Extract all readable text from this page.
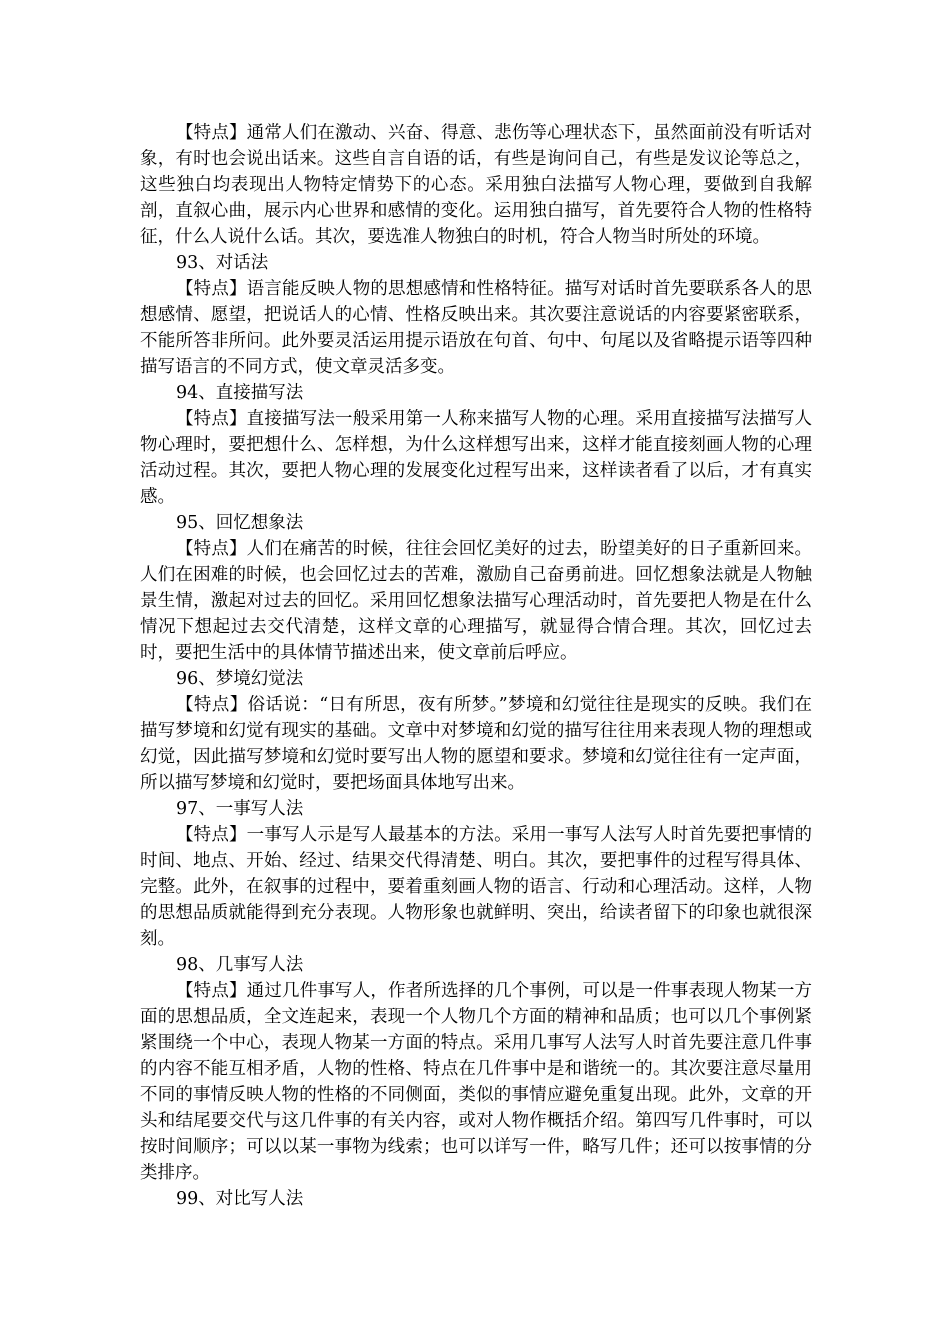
【特点】通常人们在激动、兴奋、得意、悲伤等心理状态下，虽然面前没有听话对象，有时也会说出话来。这些自言自语的话，有些是询问自己，有些是发议论等总之，这些独白均表现出人物特定情势下的心态。采用独白法描写人物心理，要做到自我解剖，直叙心曲，展示内心世界和感情的变化。运用独白描写，首先要符合人物的性格特征，什么人说什么话。其次，要选准人物独白的时机，符合人物当时所处的环境。

93、对话法

【特点】语言能反映人物的思想感情和性格特征。描写对话时首先要联系各人的思想感情、愿望，把说话人的心情、性格反映出来。其次要注意说话的内容要紧密联系，不能所答非所问。此外要灵活运用提示语放在句首、句中、句尾以及省略提示语等四种描写语言的不同方式，使文章灵活多变。

94、直接描写法

【特点】直接描写法一般采用第一人称来描写人物的心理。采用直接描写法描写人物心理时，要把想什么、怎样想，为什么这样想写出来，这样才能直接刻画人物的心理活动过程。其次，要把人物心理的发展变化过程写出来，这样读者看了以后，才有真实感。

95、回忆想象法

【特点】人们在痛苦的时候，往往会回忆美好的过去，盼望美好的日子重新回来。人们在困难的时候，也会回忆过去的苦难，激励自己奋勇前进。回忆想象法就是人物触景生情，激起对过去的回忆。采用回忆想象法描写心理活动时，首先要把人物是在什么情况下想起过去交代清楚，这样文章的心理描写，就显得合情合理。其次，回忆过去时，要把生活中的具体情节描述出来，使文章前后呼应。

96、梦境幻觉法

【特点】俗话说：“日有所思，夜有所梦。”梦境和幻觉往往是现实的反映。我们在描写梦境和幻觉有现实的基础。文章中对梦境和幻觉的描写往往用来表现人物的理想或幻觉，因此描写梦境和幻觉时要写出人物的愿望和要求。梦境和幻觉往往有一定声面，所以描写梦境和幻觉时，要把场面具体地写出来。

97、一事写人法

【特点】一事写人示是写人最基本的方法。采用一事写人法写人时首先要把事情的时间、地点、开始、经过、结果交代得清楚、明白。其次，要把事件的过程写得具体、完整。此外，在叙事的过程中，要着重刻画人物的语言、行动和心理活动。这样，人物的思想品质就能得到充分表现。人物形象也就鲜明、突出，给读者留下的印象也就很深刻。

98、几事写人法

【特点】通过几件事写人，作者所选择的几个事例，可以是一件事表现人物某一方面的思想品质，全文连起来，表现一个人物几个方面的精神和品质；也可以几个事例紧紧围绕一个中心，表现人物某一方面的特点。采用几事写人法写人时首先要注意几件事的内容不能互相矛盾，人物的性格、特点在几件事中是和谐统一的。其次要注意尽量用不同的事情反映人物的性格的不同侧面，类似的事情应避免重复出现。此外，文章的开头和结尾要交代与这几件事的有关内容，或对人物作概括介绍。第四写几件事时，可以按时间顺序；可以以某一事物为线索；也可以详写一件，略写几件；还可以按事情的分类排序。

99、对比写人法
